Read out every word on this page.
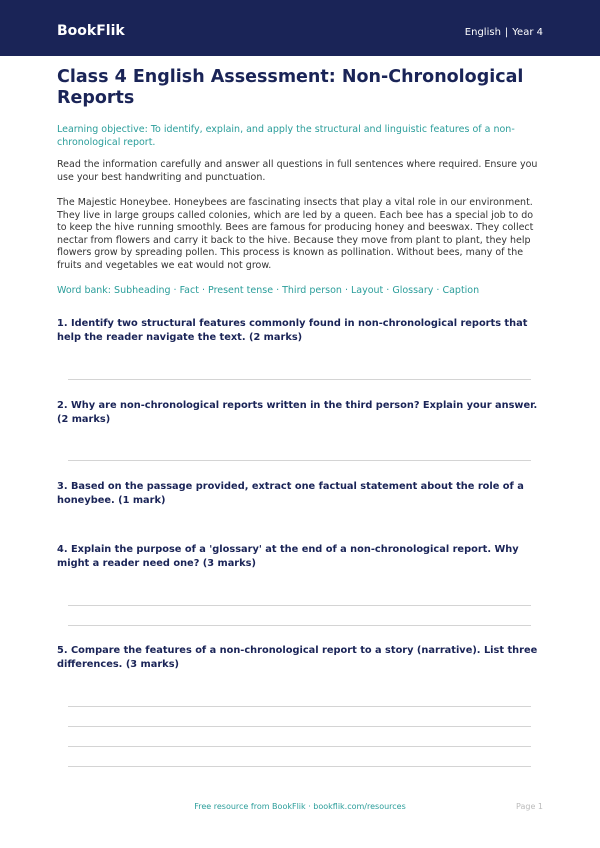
BookFlik	English | Year 4
Class 4 English Assessment: Non-Chronological Reports
Learning objective: To identify, explain, and apply the structural and linguistic features of a non-chronological report.
Read the information carefully and answer all questions in full sentences where required. Ensure you use your best handwriting and punctuation.
The Majestic Honeybee. Honeybees are fascinating insects that play a vital role in our environment. They live in large groups called colonies, which are led by a queen. Each bee has a special job to do to keep the hive running smoothly. Bees are famous for producing honey and beeswax. They collect nectar from flowers and carry it back to the hive. Because they move from plant to plant, they help flowers grow by spreading pollen. This process is known as pollination. Without bees, many of the fruits and vegetables we eat would not grow.
Word bank: Subheading · Fact · Present tense · Third person · Layout · Glossary · Caption
1. Identify two structural features commonly found in non-chronological reports that help the reader navigate the text. (2 marks)
2. Why are non-chronological reports written in the third person? Explain your answer. (2 marks)
3. Based on the passage provided, extract one factual statement about the role of a honeybee. (1 mark)
4. Explain the purpose of a 'glossary' at the end of a non-chronological report. Why might a reader need one? (3 marks)
5. Compare the features of a non-chronological report to a story (narrative). List three differences. (3 marks)
Free resource from BookFlik · bookflik.com/resources	Page 1
